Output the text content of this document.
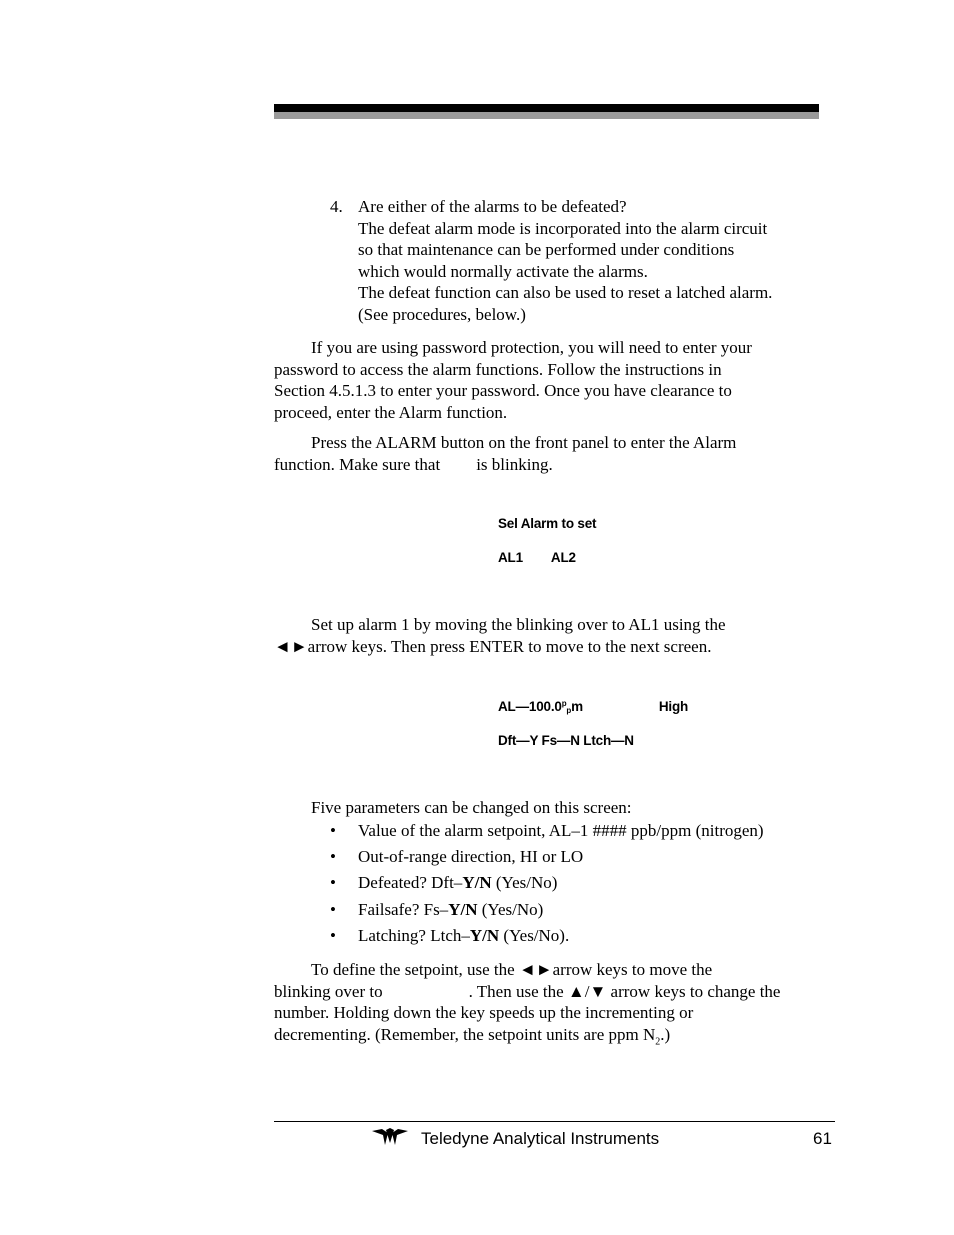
4. Are either of the alarms to be defeated?
The defeat alarm mode is incorporated into the alarm circuit
so that maintenance can be performed under conditions
which would normally activate the alarms.
The defeat function can also be used to reset a latched alarm.
(See procedures, below.)
If you are using password protection, you will need to enter your
password to access the alarm functions. Follow the instructions in
Section 4.5.1.3 to enter your password. Once you have clearance to
proceed, enter the Alarm function.
Press the ALARM button on the front panel to enter the Alarm
function. Make sure that is blinking.
Sel Alarm to set
AL1 AL2
Set up alarm 1 by moving the blinking over to AL1 using the
◄►arrow keys. Then press ENTER to move to the next screen.
AL—100.0$^p$pm	High
Dft—Y Fs—N Ltch—N
Five parameters can be changed on this screen:
• Value of the alarm setpoint, AL–1 #### ppb/ppm (nitrogen)
• Out-of-range direction, HI or LO
• Defeated? Dft–Y/N (Yes/No)
• Failsafe? Fs–Y/N (Yes/No)
• Latching? Ltch–Y/N (Yes/No).
To define the setpoint, use the ◄►arrow keys to move the
blinking over to	. Then use the ▲/▼ arrow keys to change the
number. Holding down the key speeds up the incrementing or
decrementing. (Remember, the setpoint units are ppm $N_2$.)
Teledyne Analytical Instruments	61
